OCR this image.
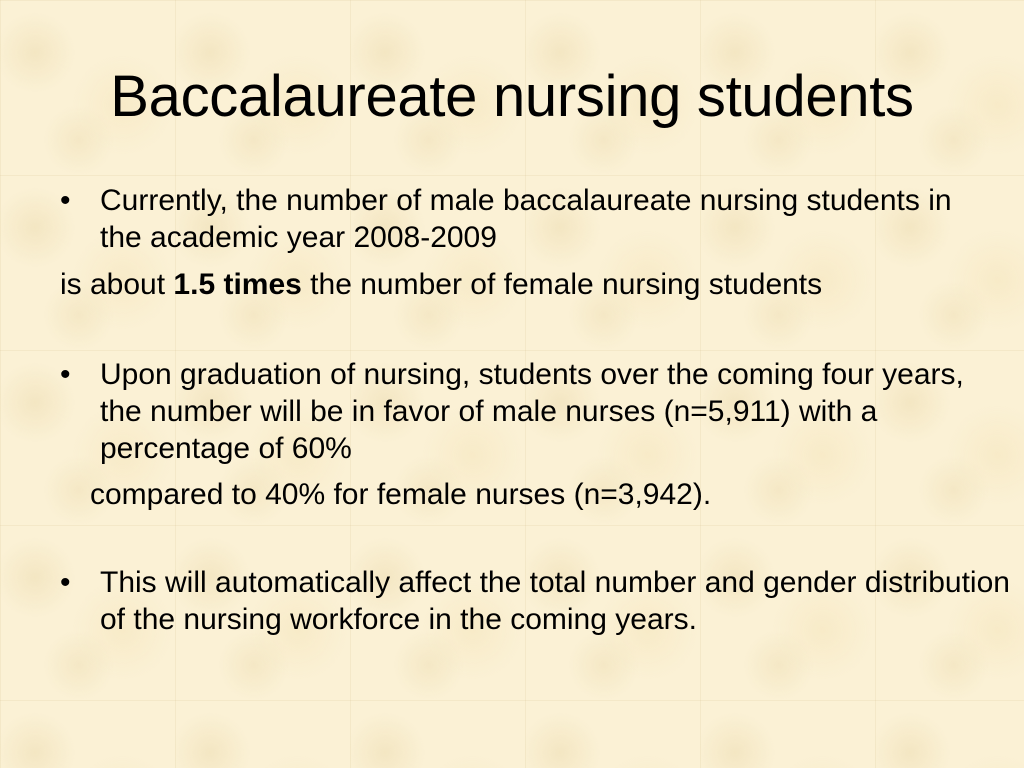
Baccalaureate nursing students
• Currently, the number of male baccalaureate nursing students in the academic year 2008-2009

is about 1.5 times the number of female nursing students

• Upon graduation of nursing, students over the coming four years, the number will be in favor of male nurses (n=5,911) with a percentage of 60%

compared to 40% for female nurses (n=3,942).

• This will automatically affect the total number and gender distribution of the nursing workforce in the coming years.
